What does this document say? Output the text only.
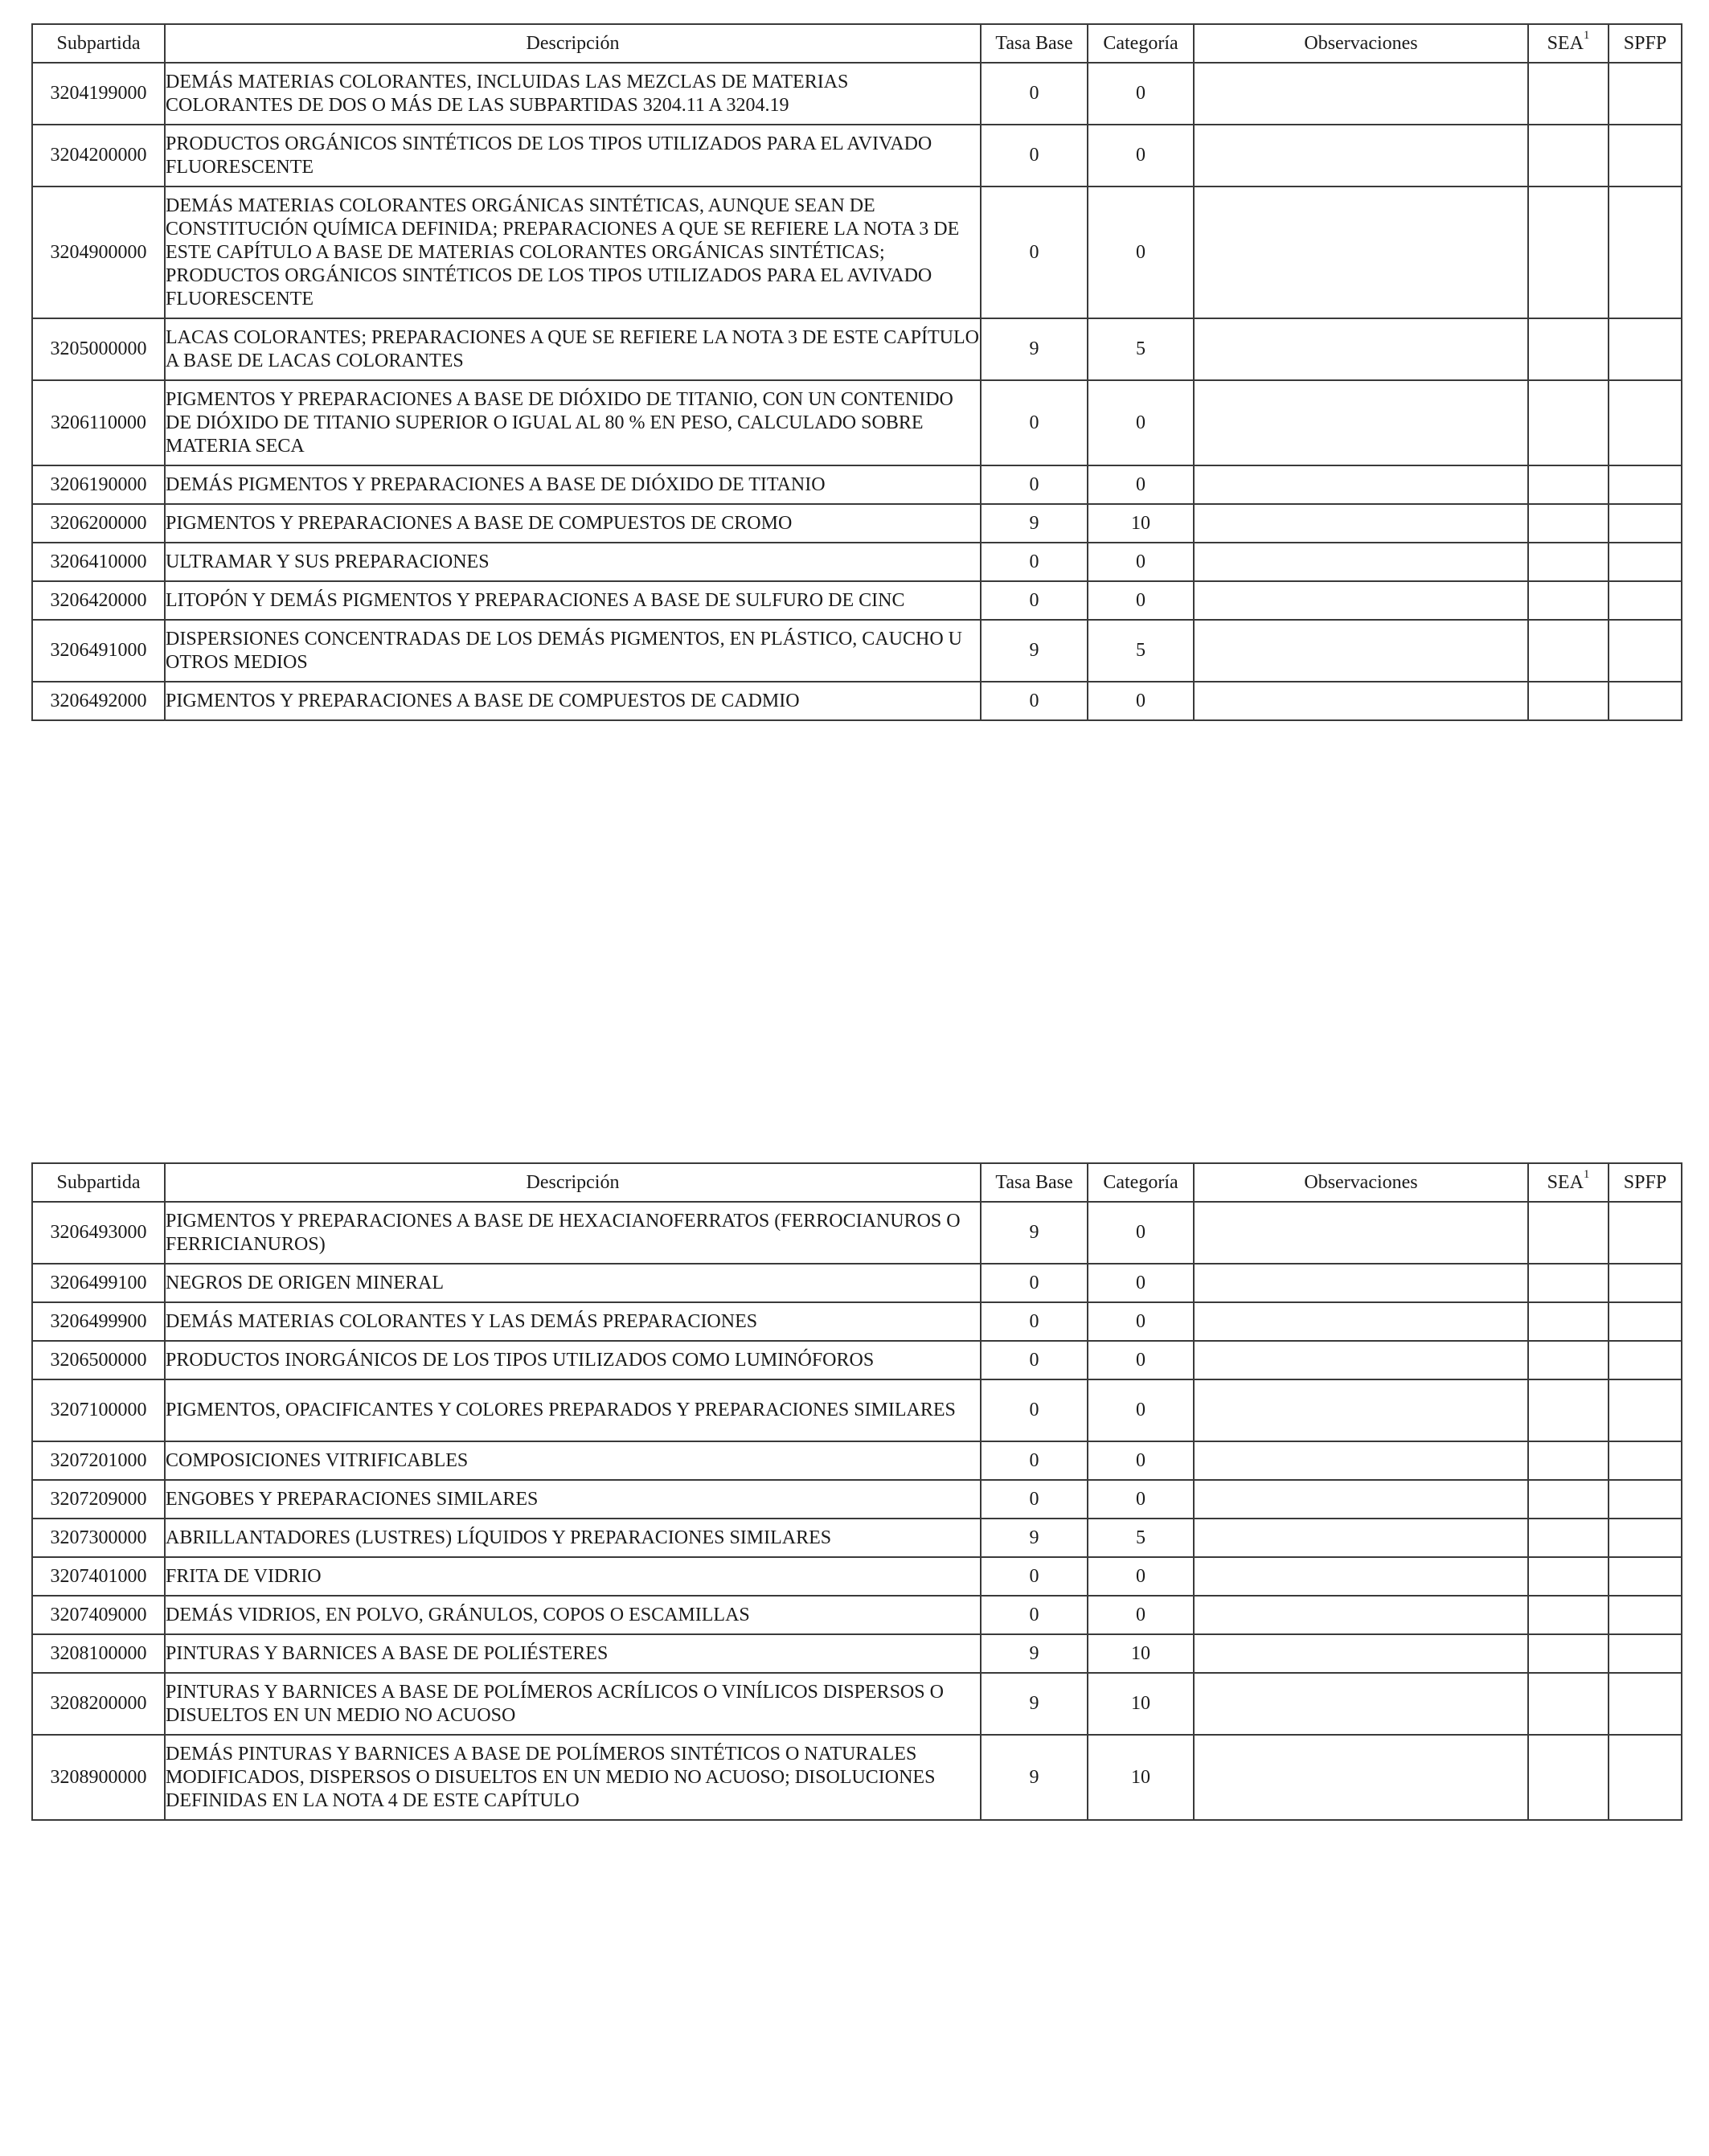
Subpartida	Descripción	Tasa Base	Categoría	Observaciones	SEA$^1$	SPFP
3204199000	DEMÁS MATERIAS COLORANTES, INCLUIDAS LAS MEZCLAS DE MATERIAS COLORANTES DE DOS O MÁS DE LAS SUBPARTIDAS 3204.11 A 3204.19	0	0			
3204200000	PRODUCTOS ORGÁNICOS SINTÉTICOS DE LOS TIPOS UTILIZADOS PARA EL AVIVADO FLUORESCENTE	0	0			
3204900000	DEMÁS MATERIAS COLORANTES ORGÁNICAS SINTÉTICAS, AUNQUE SEAN DE CONSTITUCIÓN QUÍMICA DEFINIDA; PREPARACIONES A QUE SE REFIERE LA NOTA 3 DE ESTE CAPÍTULO A BASE DE MATERIAS COLORANTES ORGÁNICAS SINTÉTICAS; PRODUCTOS ORGÁNICOS SINTÉTICOS DE LOS TIPOS UTILIZADOS PARA EL AVIVADO FLUORESCENTE	0	0			
3205000000	LACAS COLORANTES; PREPARACIONES A QUE SE REFIERE LA NOTA 3 DE ESTE CAPÍTULO A BASE DE LACAS COLORANTES	9	5			
3206110000	PIGMENTOS Y PREPARACIONES A BASE DE DIÓXIDO DE TITANIO, CON UN CONTENIDO DE DIÓXIDO DE TITANIO SUPERIOR O IGUAL AL 80 % EN PESO, CALCULADO SOBRE MATERIA SECA	0	0			
3206190000	DEMÁS PIGMENTOS Y PREPARACIONES A BASE DE DIÓXIDO DE TITANIO	0	0			
3206200000	PIGMENTOS Y PREPARACIONES A BASE DE COMPUESTOS DE CROMO	9	10			
3206410000	ULTRAMAR Y SUS PREPARACIONES	0	0			
3206420000	LITOPÓN Y DEMÁS PIGMENTOS Y PREPARACIONES A BASE DE SULFURO DE CINC	0	0			
3206491000	DISPERSIONES CONCENTRADAS DE LOS DEMÁS PIGMENTOS, EN PLÁSTICO, CAUCHO U OTROS MEDIOS	9	5			
3206492000	PIGMENTOS Y PREPARACIONES A BASE DE COMPUESTOS DE CADMIO	0	0			
Subpartida	Descripción	Tasa Base	Categoría	Observaciones	SEA$^1$	SPFP
3206493000	PIGMENTOS Y PREPARACIONES A BASE DE HEXACIANOFERRATOS (FERROCIANUROS O FERRICIANUROS)	9	0			
3206499100	NEGROS DE ORIGEN MINERAL	0	0			
3206499900	DEMÁS MATERIAS COLORANTES Y LAS DEMÁS PREPARACIONES	0	0			
3206500000	PRODUCTOS INORGÁNICOS DE LOS TIPOS UTILIZADOS COMO LUMINÓFOROS	0	0			
3207100000	PIGMENTOS, OPACIFICANTES Y COLORES PREPARADOS Y PREPARACIONES SIMILARES	0	0			
3207201000	COMPOSICIONES VITRIFICABLES	0	0			
3207209000	ENGOBES Y PREPARACIONES SIMILARES	0	0			
3207300000	ABRILLANTADORES (LUSTRES) LÍQUIDOS Y PREPARACIONES SIMILARES	9	5			
3207401000	FRITA DE VIDRIO	0	0			
3207409000	DEMÁS VIDRIOS, EN POLVO, GRÁNULOS, COPOS O ESCAMILLAS	0	0			
3208100000	PINTURAS Y BARNICES A BASE DE POLIÉSTERES	9	10			
3208200000	PINTURAS Y BARNICES A BASE DE POLÍMEROS ACRÍLICOS O VINÍLICOS DISPERSOS O DISUELTOS EN UN MEDIO NO ACUOSO	9	10			
3208900000	DEMÁS PINTURAS Y BARNICES A BASE DE POLÍMEROS SINTÉTICOS O NATURALES MODIFICADOS, DISPERSOS O DISUELTOS EN UN MEDIO NO ACUOSO; DISOLUCIONES DEFINIDAS EN LA NOTA 4 DE ESTE CAPÍTULO	9	10			
